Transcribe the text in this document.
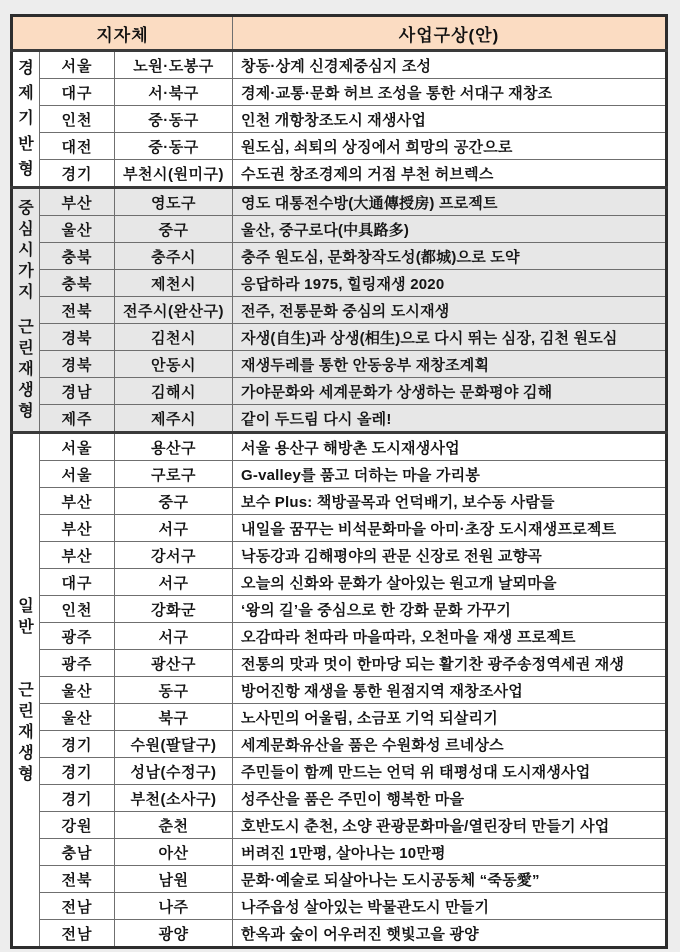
지자체			사업구상(안)

경
제
기
반
형	서울	노원·도봉구	창동·상계 신경제중심지 조성
	대구	서·북구	경제·교통·문화 허브 조성을 통한 서대구 재창조
	인천	중·동구	인천 개항창조도시 재생사업
	대전	중·동구	원도심, 쇠퇴의 상징에서 희망의 공간으로
	경기	부천시(원미구)	수도권 창조경제의 거점 부천 허브렉스

중
심
시
가
지
근
린
재
생
형
	부산	영도구	영도 대통전수방(大通傳授房) 프로젝트
	울산	중구	울산, 중구로다(中具路多)
	충북	충주시	충주 원도심, 문화창작도성(都城)으로 도약
	충북	제천시	응답하라 1975, 힐링재생 2020
	전북	전주시(완산구)	전주, 전통문화 중심의 도시재생
	경북	김천시	자생(自生)과 상생(相生)으로 다시 뛰는 심장, 김천 원도심
	경북	안동시	재생두레를 통한 안동웅부 재창조계획
	경남	김해시	가야문화와 세계문화가 상생하는 문화평야 김해
	제주	제주시	같이 두드림 다시 올레!

일
반
근
린
재
생
형
	서울	용산구	서울 용산구 해방촌 도시재생사업
	서울	구로구	G-valley를 품고 더하는 마을 가리봉
	부산	중구	보수 Plus: 책방골목과 언덕배기, 보수동 사람들
	부산	서구	내일을 꿈꾸는 비석문화마을 아미·초장 도시재생프로젝트
	부산	강서구	낙동강과 김해평야의 관문 신장로 전원 교향곡
	대구	서구	오늘의 신화와 문화가 살아있는 원고개 날뫼마을
	인천	강화군	‘왕의 길’을 중심으로 한 강화 문화 가꾸기
	광주	서구	오감따라 천따라 마을따라, 오천마을 재생 프로젝트
	광주	광산구	전통의 맛과 멋이 한마당 되는 활기찬 광주송정역세권 재생
	울산	동구	방어진항 재생을 통한 원점지역 재창조사업
	울산	북구	노사민의 어울림, 소금포 기억 되살리기
	경기	수원(팔달구)	세계문화유산을 품은 수원화성 르네상스
	경기	성남(수정구)	주민들이 함께 만드는 언덕 위 태평성대 도시재생사업
	경기	부천(소사구)	성주산을 품은 주민이 행복한 마을
	강원	춘천	호반도시 춘천, 소양 관광문화마을/열린장터 만들기 사업
	충남	아산	버려진 1만평, 살아나는 10만평
	전북	남원	문화·예술로 되살아나는 도시공동체 “죽동愛”
	전남	나주	나주읍성 살아있는 박물관도시 만들기
	전남	광양	한옥과 숲이 어우러진 햇빛고을 광양
